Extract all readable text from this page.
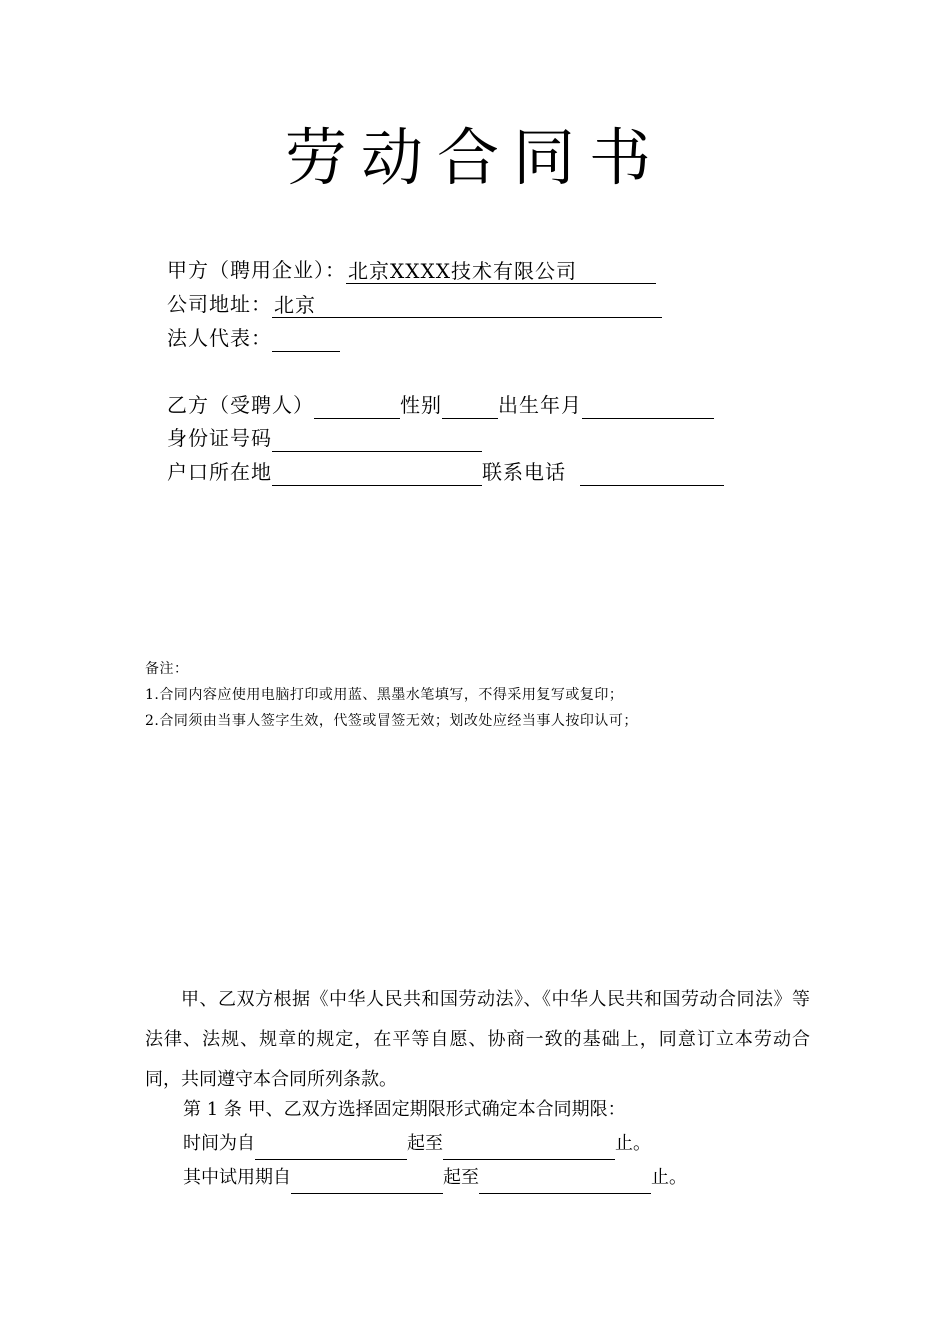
劳动合同书
甲方（聘用企业）： 北京XXXX技术有限公司
公司地址： 北京
法人代表：
乙方（受聘人）	性别	出生年月
身份证号码
户口所在地	联系电话
备注：
1.合同内容应使用电脑打印或用蓝、黑墨水笔填写，不得采用复写或复印；
2.合同须由当事人签字生效，代签或冒签无效；划改处应经当事人按印认可；
甲、乙双方根据《中华人民共和国劳动法》、《中华人民共和国劳动合同法》等法律、法规、规章的规定，在平等自愿、协商一致的基础上，同意订立本劳动合同，共同遵守本合同所列条款。
第 1 条 甲、乙双方选择固定期限形式确定本合同期限：
时间为自	起至	止。
其中试用期自	起至	止。
